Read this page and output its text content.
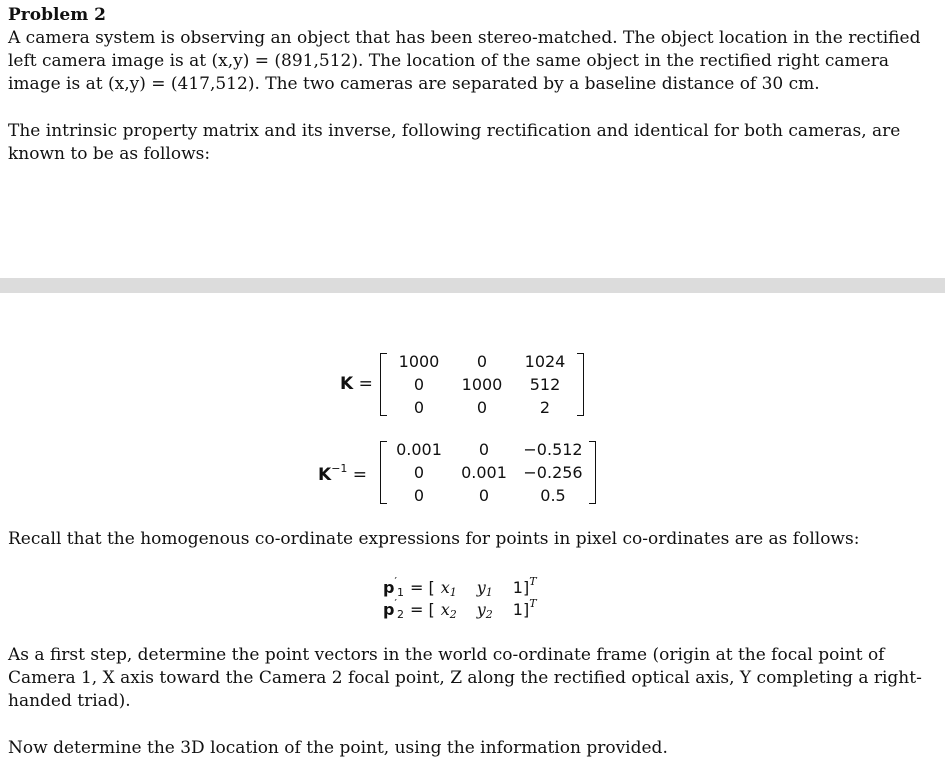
Problem 2
A camera system is observing an object that has been stereo-matched. The object location in the rectified left camera image is at (x,y) = (891,512). The location of the same object in the rectified right camera image is at (x,y) = (417,512). The two cameras are separated by a baseline distance of 30 cm.
The intrinsic property matrix and its inverse, following rectification and identical for both cameras, are known to be as follows:
K =
1000	0	1024
0	1000	512
0	0	2
$K^{-1}$ =
0.001	0	−0.512
0	0.001	−0.256
0	0	0.5
Recall that the homogenous co-ordinate expressions for points in pixel co-ordinates are as follows:
$p'_1$ = [ $x_1$ $y_1$ 1]$^T$
$p'_2$ = [ $x_2$ $y_2$ 1]$^T$
As a first step, determine the point vectors in the world co-ordinate frame (origin at the focal point of Camera 1, X axis toward the Camera 2 focal point, Z along the rectified optical axis, Y completing a right-handed triad).
Now determine the 3D location of the point, using the information provided.
